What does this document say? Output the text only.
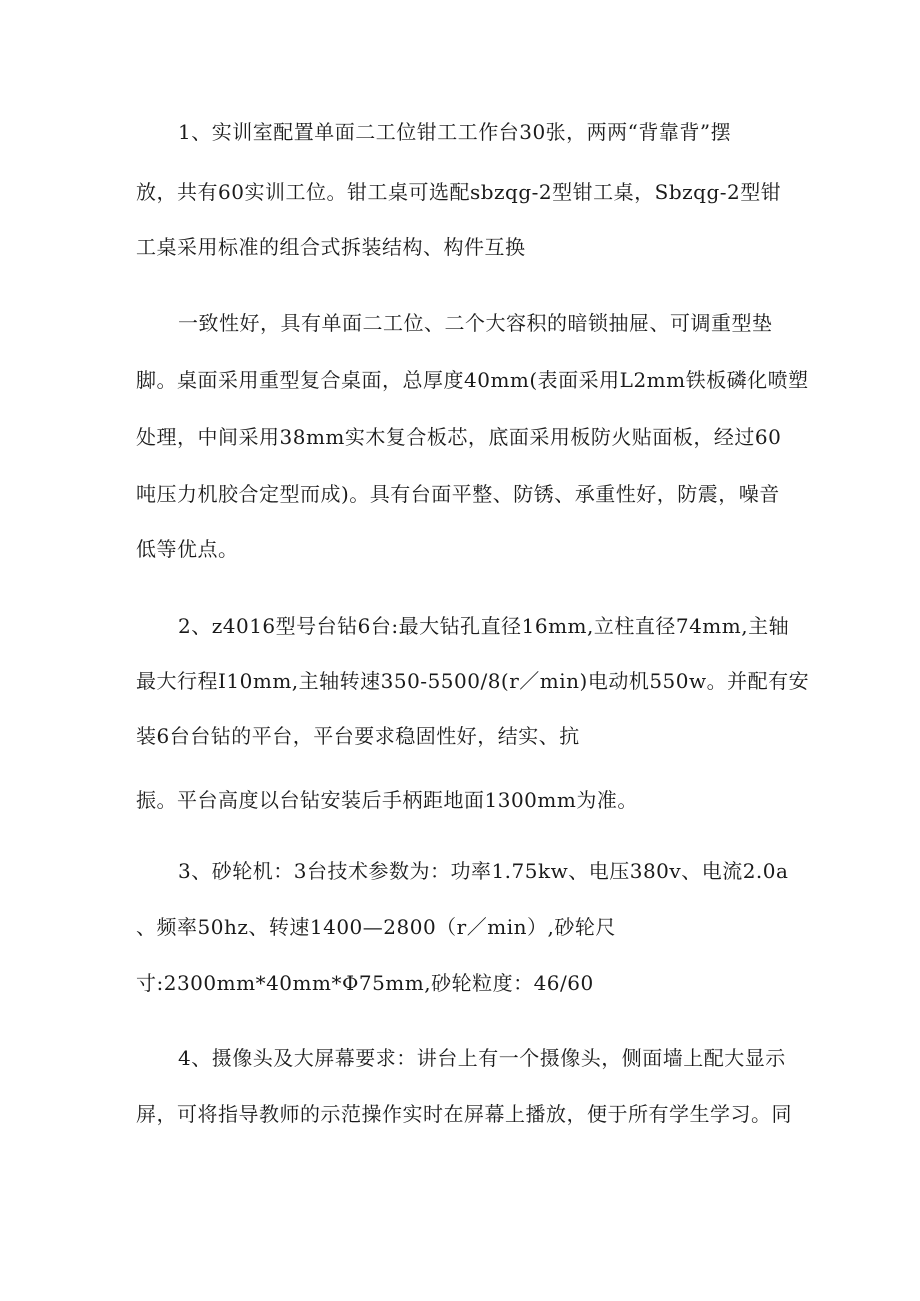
1、实训室配置单面二工位钳工工作台30张，两两“背靠背”摆
放，共有60实训工位。钳工桌可选配sbzqg-2型钳工桌，Sbzqg-2型钳
工桌采用标准的组合式拆装结构、构件互换
一致性好，具有单面二工位、二个大容积的暗锁抽屉、可调重型垫
脚。桌面采用重型复合桌面，总厚度40mm(表面采用L2mm铁板磷化喷塑
处理，中间采用38mm实木复合板芯，底面采用板防火贴面板，经过60
吨压力机胶合定型而成)。具有台面平整、防锈、承重性好，防震，噪音
低等优点。
2、z4016型号台钻6台:最大钻孔直径16mm,立柱直径74mm,主轴
最大行程I10mm,主轴转速350-5500/8(r／min)电动机550w。并配有安
装6台台钻的平台，平台要求稳固性好，结实、抗
振。平台高度以台钻安装后手柄距地面1300mm为准。
3、砂轮机：3台技术参数为：功率1.75kw、电压380v、电流2.0a
、频率50hz、转速1400—2800（r／min）,砂轮尺
寸:2300mm*40mm*Φ75mm,砂轮粒度：46/60
4、摄像头及大屏幕要求：讲台上有一个摄像头，侧面墙上配大显示
屏，可将指导教师的示范操作实时在屏幕上播放，便于所有学生学习。同
